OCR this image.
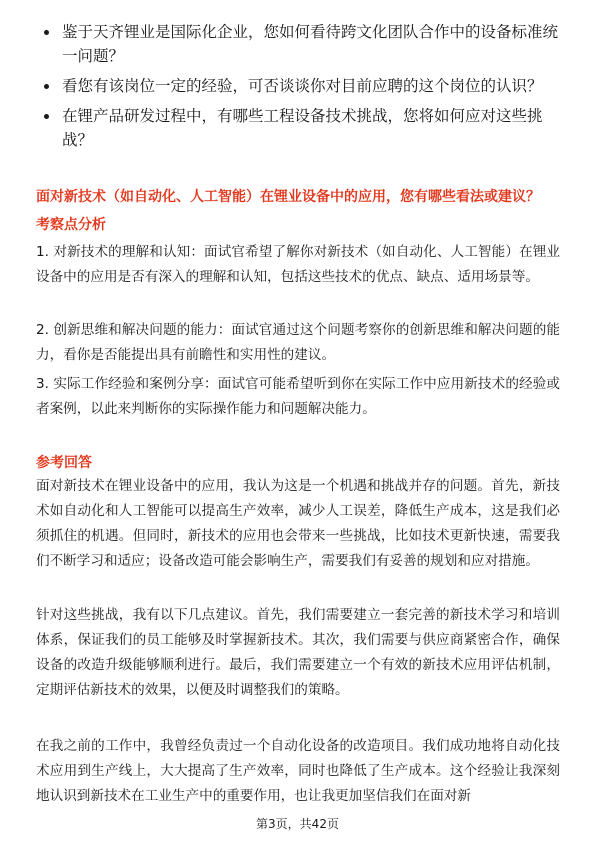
鉴于天齐锂业是国际化企业，您如何看待跨文化团队合作中的设备标准统一问题？
看您有该岗位一定的经验，可否谈谈你对目前应聘的这个岗位的认识？
在锂产品研发过程中，有哪些工程设备技术挑战，您将如何应对这些挑战？

面对新技术（如自动化、人工智能）在锂业设备中的应用，您有哪些看法或建议？

考察点分析

1. 对新技术的理解和认知：面试官希望了解你对新技术（如自动化、人工智能）在锂业设备中的应用是否有深入的理解和认知，包括这些技术的优点、缺点、适用场景等。

2. 创新思维和解决问题的能力：面试官通过这个问题考察你的创新思维和解决问题的能力，看你是否能提出具有前瞻性和实用性的建议。

3. 实际工作经验和案例分享：面试官可能希望听到你在实际工作中应用新技术的经验或者案例，以此来判断你的实际操作能力和问题解决能力。

参考回答

面对新技术在锂业设备中的应用，我认为这是一个机遇和挑战并存的问题。首先，新技术如自动化和人工智能可以提高生产效率，减少人工误差，降低生产成本，这是我们必须抓住的机遇。但同时，新技术的应用也会带来一些挑战，比如技术更新快速，需要我们不断学习和适应；设备改造可能会影响生产，需要我们有妥善的规划和应对措施。

针对这些挑战，我有以下几点建议。首先，我们需要建立一套完善的新技术学习和培训体系，保证我们的员工能够及时掌握新技术。其次，我们需要与供应商紧密合作，确保设备的改造升级能够顺利进行。最后，我们需要建立一个有效的新技术应用评估机制，定期评估新技术的效果，以便及时调整我们的策略。

在我之前的工作中，我曾经负责过一个自动化设备的改造项目。我们成功地将自动化技术应用到生产线上，大大提高了生产效率，同时也降低了生产成本。这个经验让我深刻地认识到新技术在工业生产中的重要作用，也让我更加坚信我们在面对新

第3页，共42页
